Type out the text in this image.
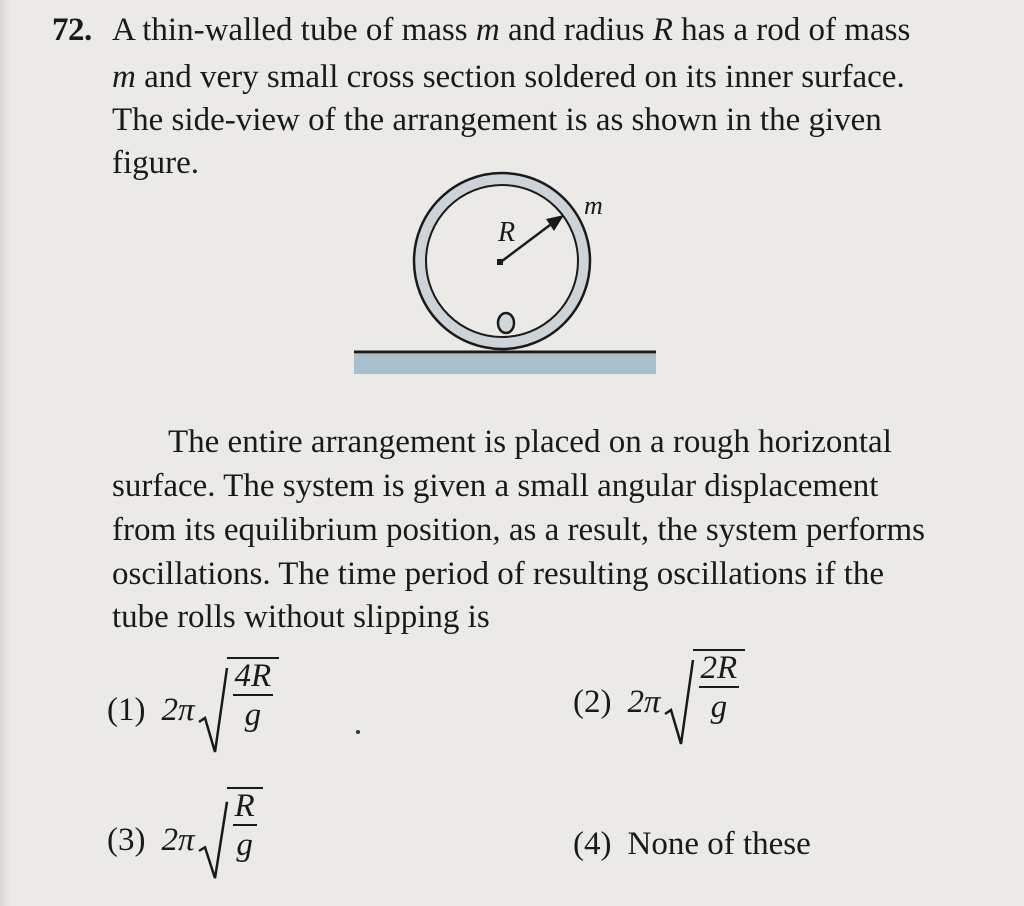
72. A thin-walled tube of mass m and radius R has a rod of mass
m and very small cross section soldered on its inner surface.
The side-view of the arrangement is as shown in the given
figure.
R
m
The entire arrangement is placed on a rough horizontal
surface. The system is given a small angular displacement
from its equilibrium position, as a result, the system performs
oscillations. The time period of resulting oscillations if the
tube rolls without slipping is
(1) $2\pi \frac{4R}{g}$	(2) $2\pi \frac{2R}{g}$
(3) $2\pi \frac{R}{g}$	(4) None of these
